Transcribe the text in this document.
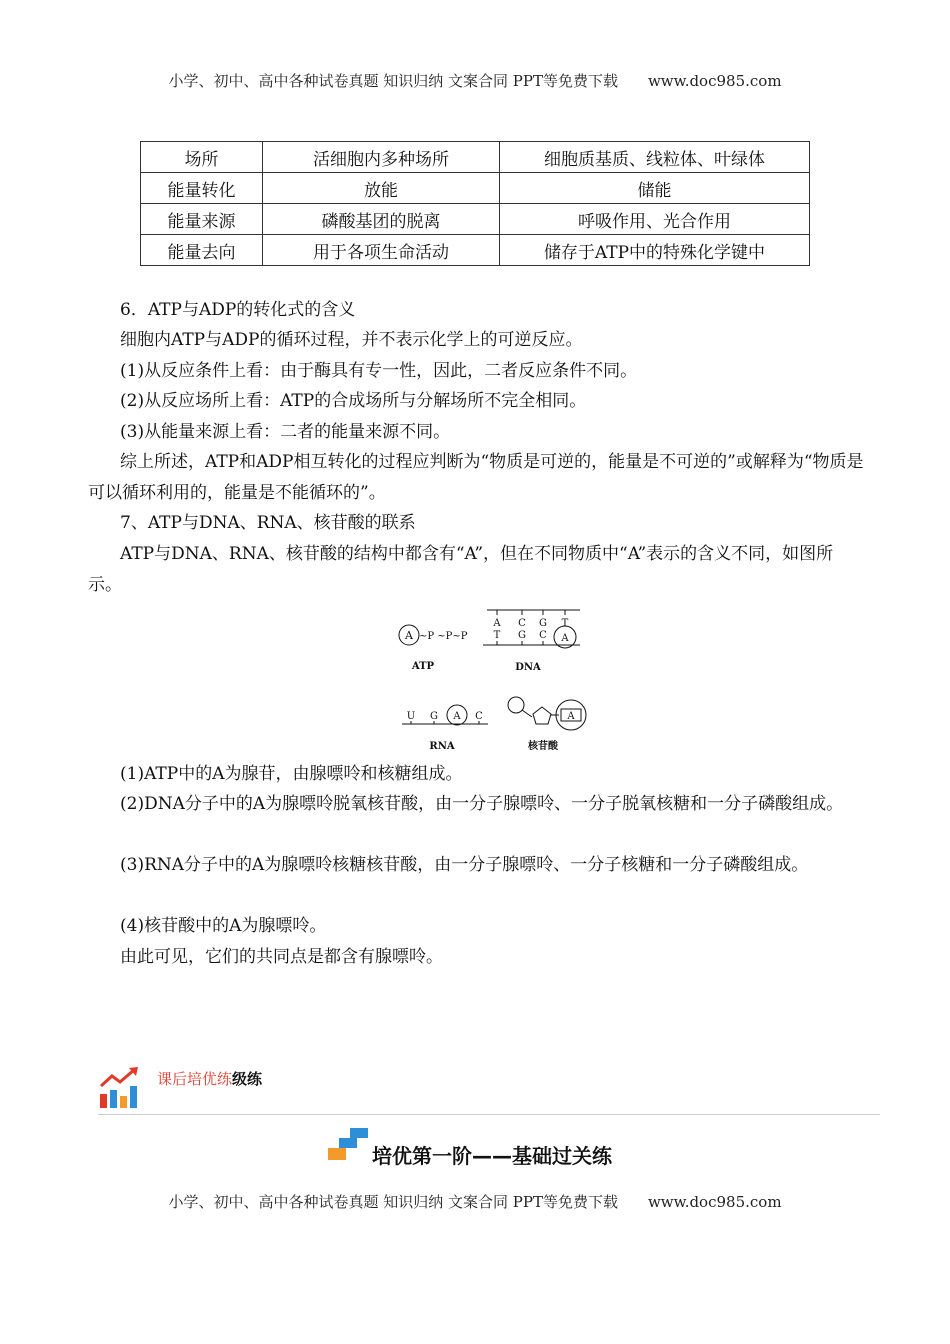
小学、初中、高中各种试卷真题 知识归纳 文案合同 PPT等免费下载 www.doc985.com
场所	活细胞内多种场所	细胞质基质、线粒体、叶绿体
能量转化	放能	储能
能量来源	磷酸基团的脱离	呼吸作用、光合作用
能量去向	用于各项生命活动	储存于ATP中的特殊化学键中

6．ATP与ADP的转化式的含义

细胞内ATP与ADP的循环过程，并不表示化学上的可逆反应。

(1)从反应条件上看：由于酶具有专一性，因此，二者反应条件不同。

(2)从反应场所上看：ATP的合成场所与分解场所不完全相同。

(3)从能量来源上看：二者的能量来源不同。

综上所述，ATP和ADP相互转化的过程应判断为“物质是可逆的，能量是不可逆的”或解释为“物质是可以循环利用的，能量是不能循环的”。

7、ATP与DNA、RNA、核苷酸的联系

ATP与DNA、RNA、核苷酸的结构中都含有“A”，但在不同物质中“A”表示的含义不同，如图所示。

A ~P ~P~P
ATP
A C G T
T G C A
DNA
U G A C
RNA
A
核苷酸

(1)ATP中的A为腺苷，由腺嘌呤和核糖组成。

(2)DNA分子中的A为腺嘌呤脱氧核苷酸，由一分子腺嘌呤、一分子脱氧核糖和一分子磷酸组成。

(3)RNA分子中的A为腺嘌呤核糖核苷酸，由一分子腺嘌呤、一分子核糖和一分子磷酸组成。

(4)核苷酸中的A为腺嘌呤。

由此可见，它们的共同点是都含有腺嘌呤。

课后培优练级练
培优第一阶——基础过关练
小学、初中、高中各种试卷真题 知识归纳 文案合同 PPT等免费下载 www.doc985.com
